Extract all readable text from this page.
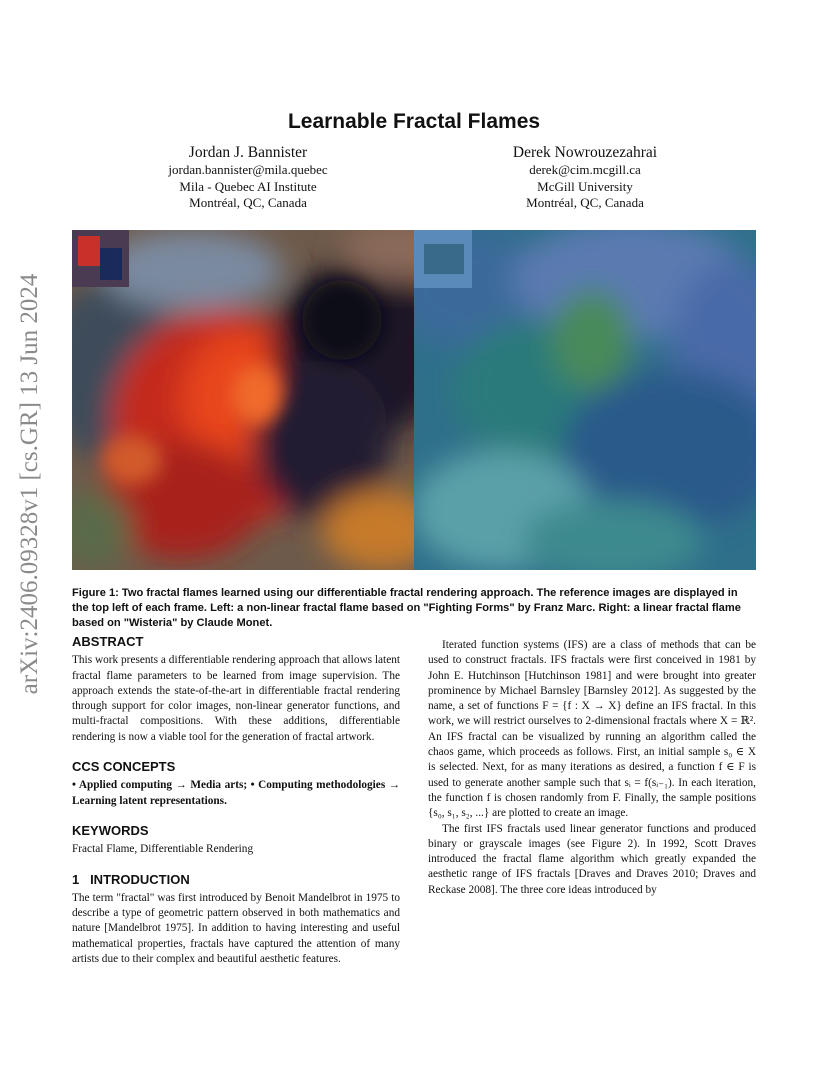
arXiv:2406.09328v1 [cs.GR] 13 Jun 2024
Learnable Fractal Flames
Jordan J. Bannister
jordan.bannister@mila.quebec
Mila - Quebec AI Institute
Montréal, QC, Canada
Derek Nowrouzezahrai
derek@cim.mcgill.ca
McGill University
Montréal, QC, Canada
Figure 1: Two fractal flames learned using our differentiable fractal rendering approach. The reference images are displayed in the top left of each frame. Left: a non-linear fractal flame based on "Fighting Forms" by Franz Marc. Right: a linear fractal flame based on "Wisteria" by Claude Monet.
ABSTRACT

This work presents a differentiable rendering approach that allows latent fractal flame parameters to be learned from image supervision. The approach extends the state-of-the-art in differentiable fractal rendering through support for color images, non-linear generator functions, and multi-fractal compositions. With these additions, differentiable rendering is now a viable tool for the generation of fractal artwork.

CCS CONCEPTS

• Applied computing → Media arts; • Computing methodologies → Learning latent representations.

KEYWORDS

Fractal Flame, Differentiable Rendering

1   INTRODUCTION

The term "fractal" was first introduced by Benoit Mandelbrot in 1975 to describe a type of geometric pattern observed in both mathematics and nature [Mandelbrot 1975]. In addition to having interesting and useful mathematical properties, fractals have captured the attention of many artists due to their complex and beautiful aesthetic features.

Iterated function systems (IFS) are a class of methods that can be used to construct fractals. IFS fractals were first conceived in 1981 by John E. Hutchinson [Hutchinson 1981] and were brought into greater prominence by Michael Barnsley [Barnsley 2012]. As suggested by the name, a set of functions F = {f : X → X} define an IFS fractal. In this work, we will restrict ourselves to 2-dimensional fractals where X = ℝ². An IFS fractal can be visualized by running an algorithm called the chaos game, which proceeds as follows. First, an initial sample s₀ ∈ X is selected. Next, for as many iterations as desired, a function f ∈ F is used to generate another sample such that sᵢ = f(sᵢ₋₁). In each iteration, the function f is chosen randomly from F. Finally, the sample positions {s₀, s₁, s₂, ...} are plotted to create an image.

The first IFS fractals used linear generator functions and produced binary or grayscale images (see Figure 2). In 1992, Scott Draves introduced the fractal flame algorithm which greatly expanded the aesthetic range of IFS fractals [Draves and Draves 2010; Draves and Reckase 2008]. The three core ideas introduced by
